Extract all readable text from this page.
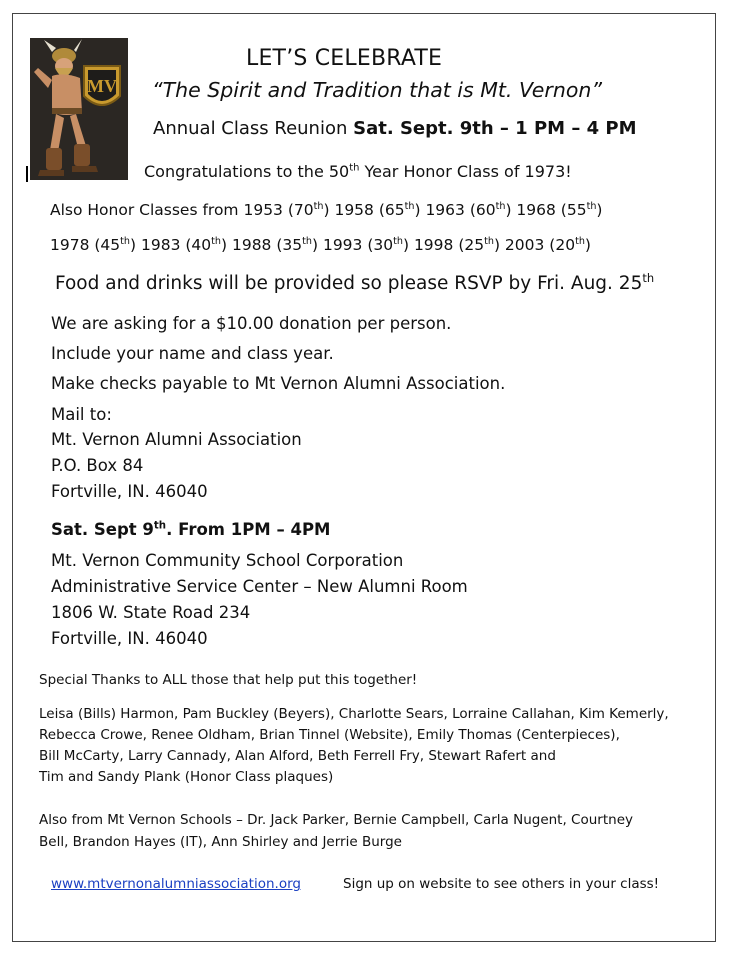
MV
LET’S CELEBRATE
“The Spirit and Tradition that is Mt. Vernon”
Annual Class Reunion Sat. Sept. 9th – 1 PM – 4 PM
Congratulations to the 50th Year Honor Class of 1973!
Also Honor Classes from 1953 (70th) 1958 (65th) 1963 (60th) 1968 (55th)
1978 (45th) 1983 (40th) 1988 (35th) 1993 (30th) 1998 (25th) 2003 (20th)
Food and drinks will be provided so please RSVP by Fri. Aug. 25th
We are asking for a $10.00 donation per person.
Include your name and class year.
Make checks payable to Mt Vernon Alumni Association.
Mail to:
Mt. Vernon Alumni Association
P.O. Box 84
Fortville, IN. 46040
Sat. Sept 9th. From 1PM – 4PM
Mt. Vernon Community School Corporation
Administrative Service Center – New Alumni Room
1806 W. State Road 234
Fortville, IN. 46040
Special Thanks to ALL those that help put this together!
Leisa (Bills) Harmon, Pam Buckley (Beyers), Charlotte Sears, Lorraine Callahan, Kim Kemerly,
Rebecca Crowe, Renee Oldham, Brian Tinnel (Website), Emily Thomas (Centerpieces),
Bill McCarty, Larry Cannady, Alan Alford, Beth Ferrell Fry, Stewart Rafert and
Tim and Sandy Plank (Honor Class plaques)
Also from Mt Vernon Schools – Dr. Jack Parker, Bernie Campbell, Carla Nugent, Courtney
Bell, Brandon Hayes (IT), Ann Shirley and Jerrie Burge
www.mtvernonalumniassociation.org	Sign up on website to see others in your class!
